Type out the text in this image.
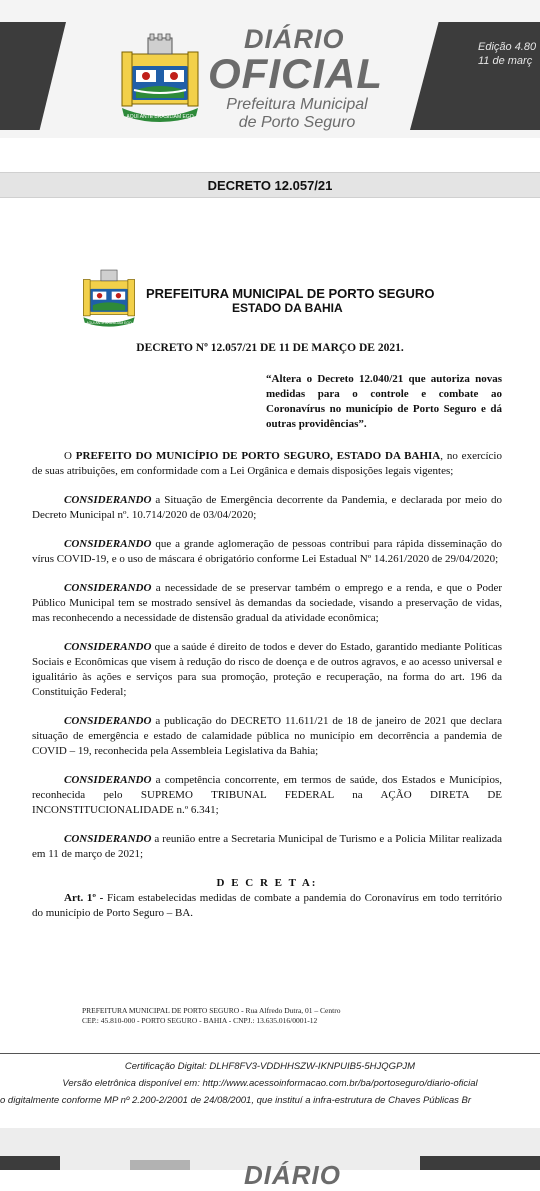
Edição 4.80
11 de març
AQUI ANTE BRASILIAM EGO
DIÁRIO
OFICIAL
Prefeitura Municipal
de Porto Seguro
DECRETO 12.057/21
AQUI ANTE BRASILIAM EGO
PREFEITURA MUNICIPAL DE PORTO SEGURO
ESTADO DA BAHIA
DECRETO Nº 12.057/21 DE 11 DE MARÇO DE 2021.
“Altera o Decreto 12.040/21 que autoriza novas medidas para o controle e combate ao Coronavírus no município de Porto Seguro e dá outras providências”.

O PREFEITO DO MUNICÍPIO DE PORTO SEGURO, ESTADO DA BAHIA, no exercício de suas atribuições, em conformidade com a Lei Orgânica e demais disposições legais vigentes;

CONSIDERANDO a Situação de Emergência decorrente da Pandemia, e declarada por meio do Decreto Municipal nº. 10.714/2020 de 03/04/2020;

CONSIDERANDO que a grande aglomeração de pessoas contribui para rápida disseminação do vírus COVID-19, e o uso de máscara é obrigatório conforme Lei Estadual Nº 14.261/2020 de 29/04/2020;

CONSIDERANDO a necessidade de se preservar também o emprego e a renda, e que o Poder Público Municipal tem se mostrado sensível às demandas da sociedade, visando a preservação de vidas, mas reconhecendo a necessidade de distensão gradual da atividade econômica;

CONSIDERANDO que a saúde é direito de todos e dever do Estado, garantido mediante Políticas Sociais e Econômicas que visem à redução do risco de doença e de outros agravos, e ao acesso universal e igualitário às ações e serviços para sua promoção, proteção e recuperação, na forma do art. 196 da Constituição Federal;

CONSIDERANDO a publicação do DECRETO 11.611/21 de 18 de janeiro de 2021 que declara situação de emergência e estado de calamidade pública no município em decorrência a pandemia de COVID – 19, reconhecida pela Assembleia Legislativa da Bahia;

CONSIDERANDO a competência concorrente, em termos de saúde, dos Estados e Municípios, reconhecida pelo SUPREMO TRIBUNAL FEDERAL na AÇÃO DIRETA DE INCONSTITUCIONALIDADE n.º 6.341;

CONSIDERANDO a reunião entre a Secretaria Municipal de Turismo e a Policia Militar realizada em 11 de março de 2021;

D E C R E T A:

Art. 1º - Ficam estabelecidas medidas de combate a pandemia do Coronavírus em todo território do município de Porto Seguro – BA.

PREFEITURA MUNICIPAL DE PORTO SEGURO - Rua Alfredo Dutra, 01 – Centro
CEP.: 45.810-000 - PORTO SEGURO - BAHIA - CNPJ.: 13.635.016/0001-12
Certificação Digital: DLHF8FV3-VDDHHSZW-IKNPUIB5-5HJQGPJM
Versão eletrônica disponível em: http://www.acessoinformacao.com.br/ba/portoseguro/diario-oficial
o digitalmente conforme MP nº 2.200-2/2001 de 24/08/2001, que instituí a infra-estrutura de Chaves Públicas Br
DIÁRIO
